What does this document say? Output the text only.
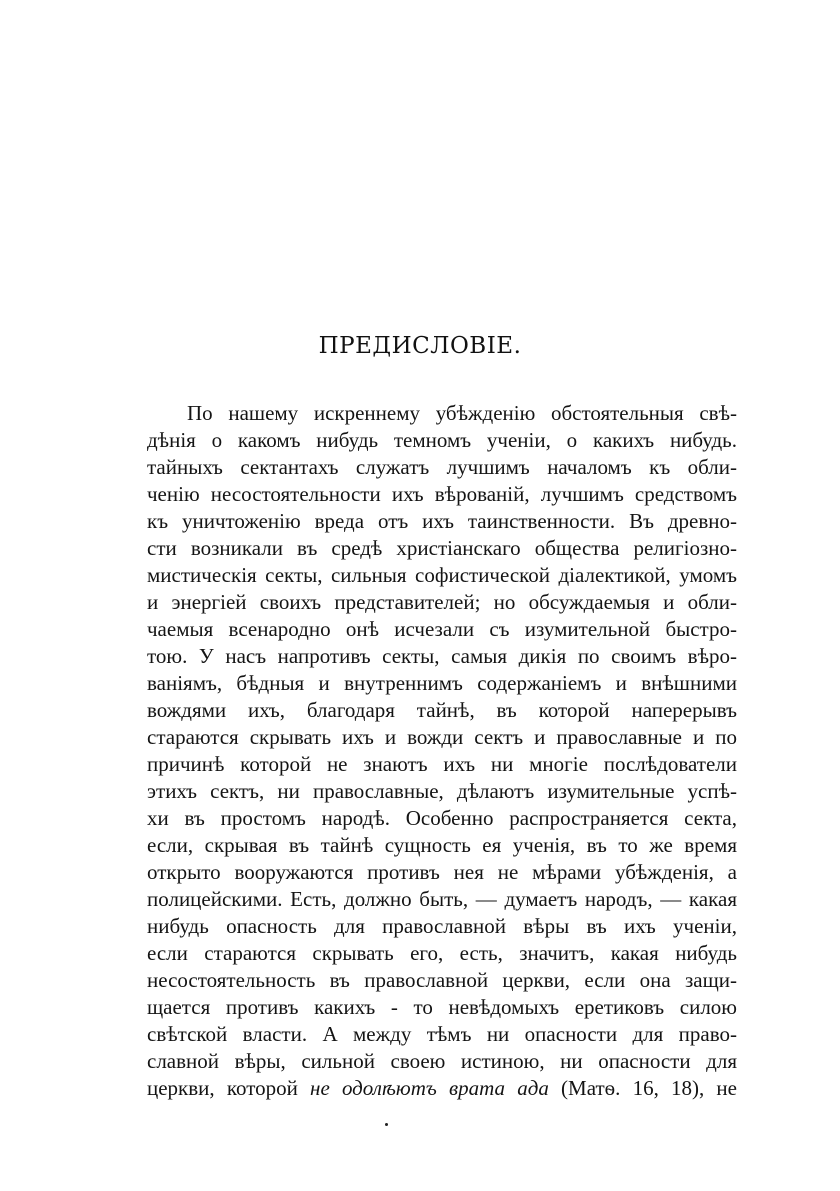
ПРЕДИСЛОВІЕ.
По нашему искреннему убѣжденію обстоятельныя свѣ-
дѣнія о какомъ нибудь темномъ ученіи, о какихъ нибудь.
тайныхъ сектантахъ служатъ лучшимъ началомъ къ обли-
ченію несостоятельности ихъ вѣрованій, лучшимъ средствомъ
къ уничтоженію вреда отъ ихъ таинственности. Въ древно-
сти возникали въ средѣ христіанскаго общества религіозно-
мистическія секты, сильныя софистической діалектикой, умомъ
и энергіей своихъ представителей; но обсуждаемыя и обли-
чаемыя всенародно онѣ исчезали съ изумительной быстро-
тою. У насъ напротивъ секты, самыя дикія по своимъ вѣро-
ваніямъ, бѣдныя и внутреннимъ содержаніемъ и внѣшними
вождями ихъ, благодаря тайнѣ, въ которой наперерывъ
стараются скрывать ихъ и вожди сектъ и православные и по
причинѣ которой не знаютъ ихъ ни многіе послѣдователи
этихъ сектъ, ни православные, дѣлаютъ изумительные успѣ-
хи въ простомъ народѣ. Особенно распространяется секта,
если, скрывая въ тайнѣ сущность ея ученія, въ то же время
открыто вооружаются противъ нея не мѣрами убѣжденія, а
полицейскими. Есть, должно быть, — думаетъ народъ, — какая
нибудь опасность для православной вѣры въ ихъ ученіи,
если стараются скрывать его, есть, значитъ, какая нибудь
несостоятельность въ православной церкви, если она защи-
щается противъ какихъ - то невѣдомыхъ еретиковъ силою
свѣтской власти. А между тѣмъ ни опасности для право-
славной вѣры, сильной своею истиною, ни опасности для
церкви, которой не одолѣютъ врата ада (Матѳ. 16, 18), не
